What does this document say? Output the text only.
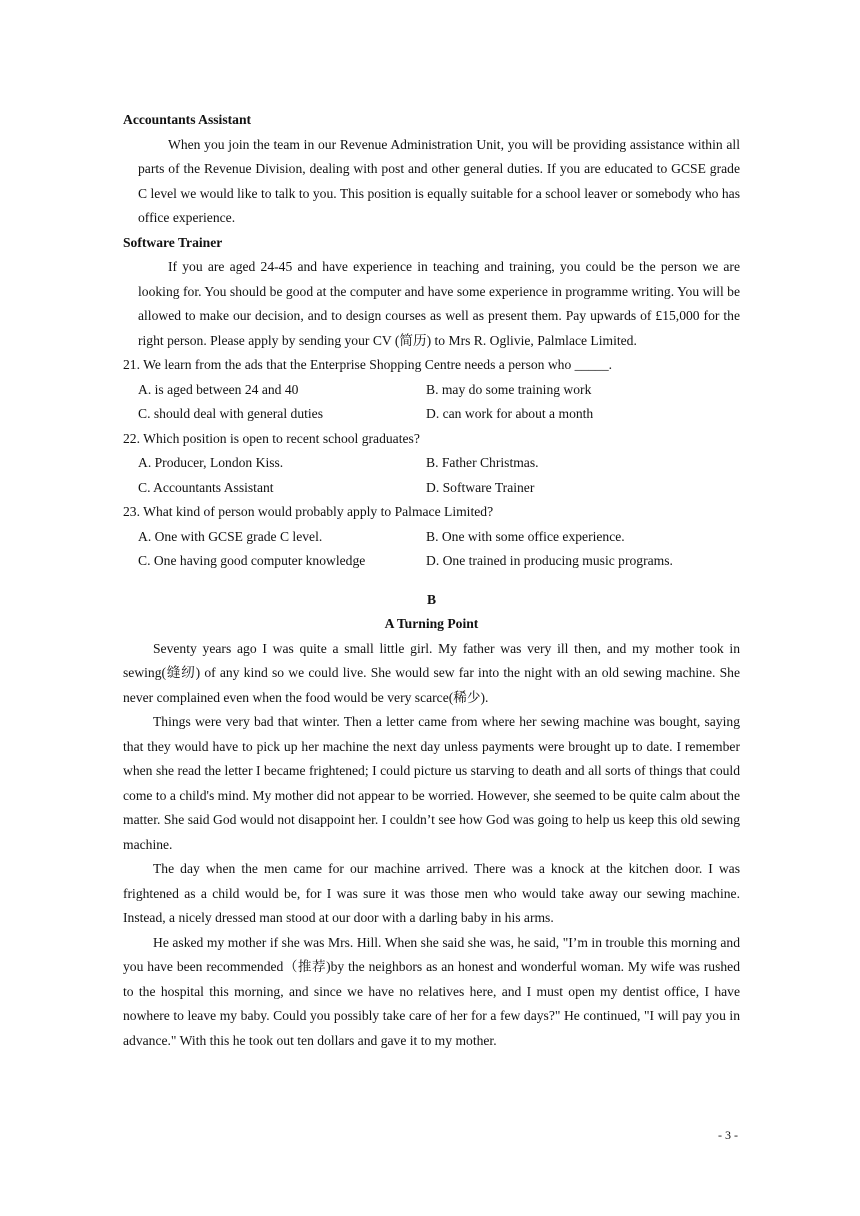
Accountants Assistant

When you join the team in our Revenue Administration Unit, you will be providing assistance within all parts of the Revenue Division, dealing with post and other general duties. If you are educated to GCSE grade C level we would like to talk to you. This position is equally suitable for a school leaver or somebody who has office experience.

Software Trainer

If you are aged 24-45 and have experience in teaching and training, you could be the person we are looking for. You should be good at the computer and have some experience in programme writing. You will be allowed to make our decision, and to design courses as well as present them. Pay upwards of £15,000 for the right person. Please apply by sending your CV (简历) to Mrs R. Oglivie, Palmlace Limited.

21. We learn from the ads that the Enterprise Shopping Centre needs a person who _____.

A. is aged between 24 and 40	B. may do some training work
C. should deal with general duties	D. can work for about a month

22. Which position is open to recent school graduates?

A. Producer, London Kiss.	B. Father Christmas.
C. Accountants Assistant	D. Software Trainer

23. What kind of person would probably apply to Palmace Limited?

A. One with GCSE grade C level.	B. One with some office experience.
C. One having good computer knowledge	D. One trained in producing music programs.
B
A Turning Point

Seventy years ago I was quite a small little girl. My father was very ill then, and my mother took in sewing(缝纫) of any kind so we could live. She would sew far into the night with an old sewing machine. She never complained even when the food would be very scarce(稀少).

Things were very bad that winter. Then a letter came from where her sewing machine was bought, saying that they would have to pick up her machine the next day unless payments were brought up to date. I remember when she read the letter I became frightened; I could picture us starving to death and all sorts of things that could come to a child's mind. My mother did not appear to be worried. However, she seemed to be quite calm about the matter. She said God would not disappoint her. I couldn’t see how God was going to help us keep this old sewing machine.

The day when the men came for our machine arrived. There was a knock at the kitchen door. I was frightened as a child would be, for I was sure it was those men who would take away our sewing machine. Instead, a nicely dressed man stood at our door with a darling baby in his arms.

He asked my mother if she was Mrs. Hill. When she said she was, he said, "I’m in trouble this morning and you have been recommended（推荐)by the neighbors as an honest and wonderful woman. My wife was rushed to the hospital this morning, and since we have no relatives here, and I must open my dentist office, I have nowhere to leave my baby. Could you possibly take care of her for a few days?" He continued, "I will pay you in advance." With this he took out ten dollars and gave it to my mother.

- 3 -
